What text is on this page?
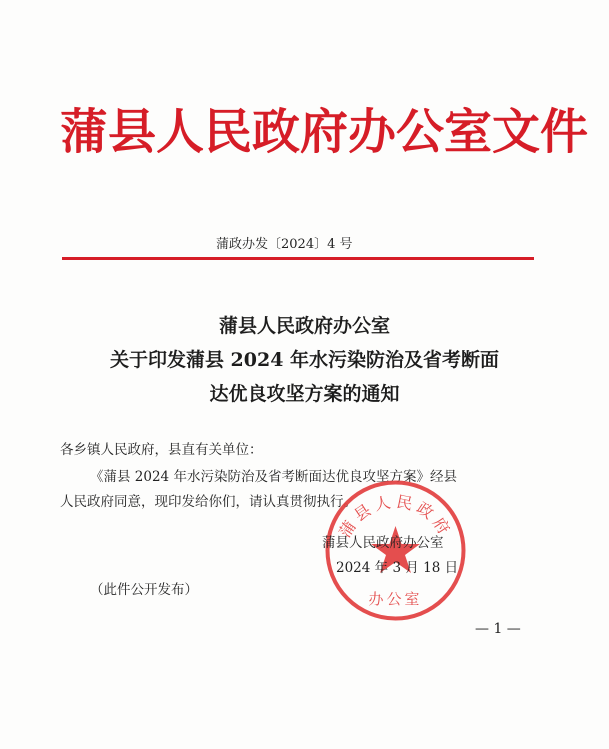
蒲县人民政府办公室文件
蒲政办发〔2024〕4 号
蒲县人民政府办公室
关于印发蒲县 2024 年水污染防治及省考断面
达优良攻坚方案的通知
各乡镇人民政府，县直有关单位：
《蒲县 2024 年水污染防治及省考断面达优良攻坚方案》经县
人民政府同意，现印发给你们，请认真贯彻执行。
蒲县人民政府
办公室
蒲县人民政府办公室
2024 年 3 月 18 日
（此件公开发布）
— 1 —
